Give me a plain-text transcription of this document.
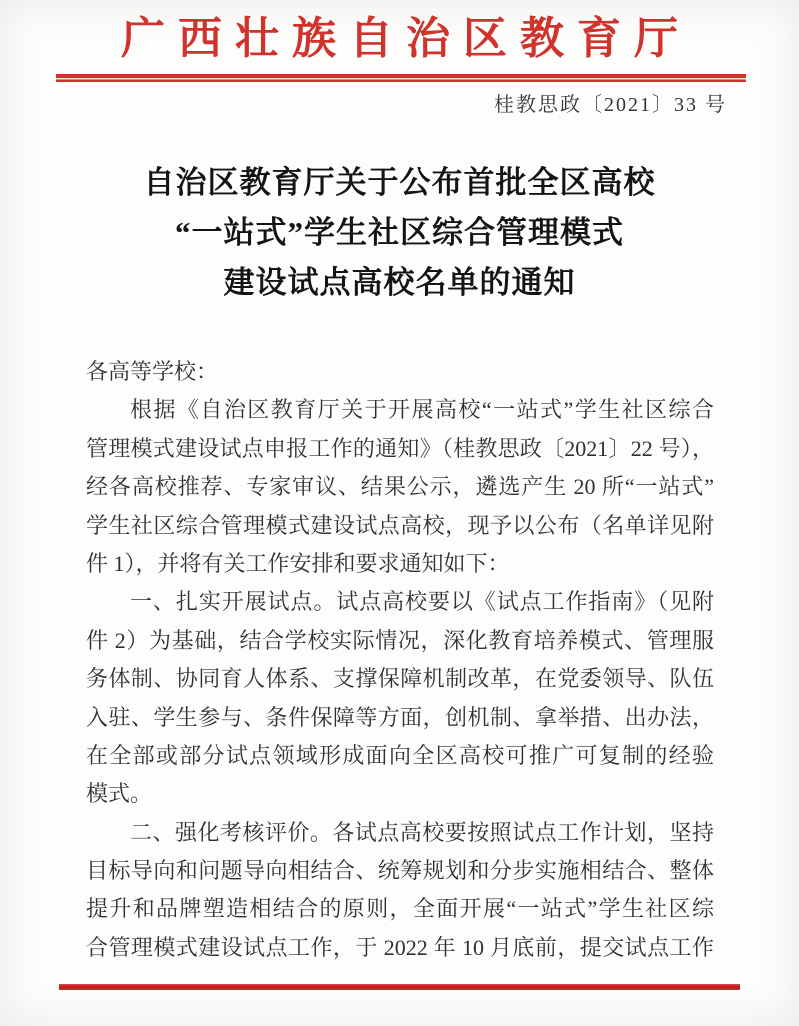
广西壮族自治区教育厅
桂教思政〔2021〕33 号
自治区教育厅关于公布首批全区高校
“一站式”学生社区综合管理模式
建设试点高校名单的通知
各高等学校：
根据《自治区教育厅关于开展高校“一站式”学生社区综合
管理模式建设试点申报工作的通知》（桂教思政〔2021〕22 号），
经各高校推荐、专家审议、结果公示，遴选产生 20 所“一站式”
学生社区综合管理模式建设试点高校，现予以公布（名单详见附
件 1），并将有关工作安排和要求通知如下：
一、扎实开展试点。试点高校要以《试点工作指南》（见附
件 2）为基础，结合学校实际情况，深化教育培养模式、管理服
务体制、协同育人体系、支撑保障机制改革，在党委领导、队伍
入驻、学生参与、条件保障等方面，创机制、拿举措、出办法，
在全部或部分试点领域形成面向全区高校可推广可复制的经验
模式。
二、强化考核评价。各试点高校要按照试点工作计划，坚持
目标导向和问题导向相结合、统筹规划和分步实施相结合、整体
提升和品牌塑造相结合的原则，全面开展“一站式”学生社区综
合管理模式建设试点工作，于 2022 年 10 月底前，提交试点工作
